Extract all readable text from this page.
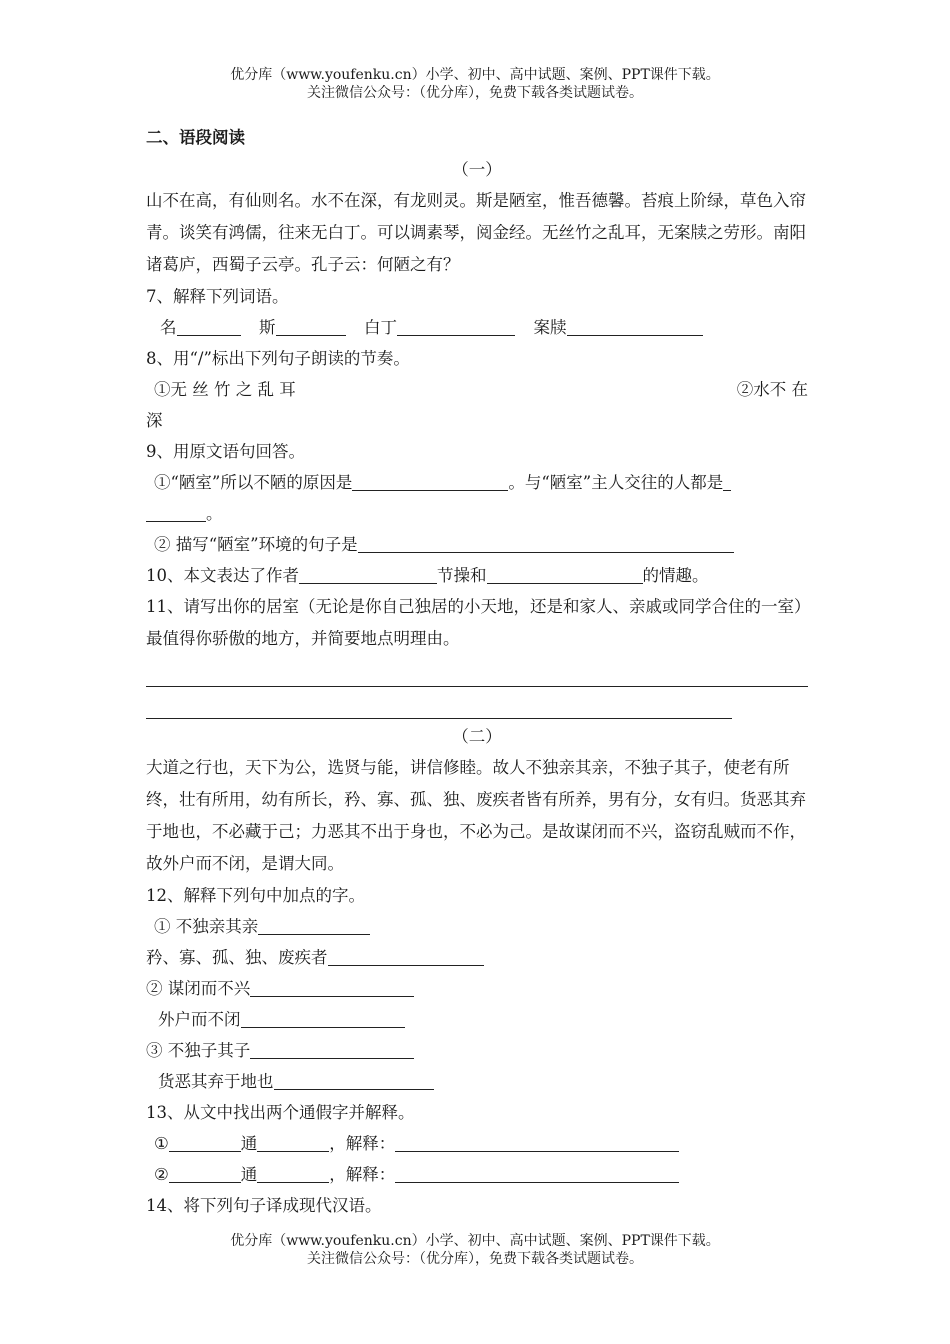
优分库（www.youfenku.cn）小学、初中、高中试题、案例、PPT课件下载。
关注微信公众号：（优分库），免费下载各类试题试卷。
二、语段阅读
（一）
山不在高，有仙则名。水不在深，有龙则灵。斯是陋室，惟吾德馨。苔痕上阶绿，草色入帘青。谈笑有鸿儒，往来无白丁。可以调素琴，阅金经。无丝竹之乱耳，无案牍之劳形。南阳诸葛庐，西蜀子云亭。孔子云：何陋之有？
7、解释下列词语。
名	斯	白丁	案牍
8、用“/”标出下列句子朗读的节奏。
①无 丝 竹 之 乱 耳	②水不 在
深
9、用原文语句回答。
①“陋室”所以不陋的原因是	。与“陋室”主人交往的人都是
。
② 描写“陋室”环境的句子是
10、本文表达了作者	节操和	的情趣。
11、请写出你的居室（无论是你自己独居的小天地，还是和家人、亲戚或同学合住的一室）最值得你骄傲的地方，并简要地点明理由。
（二）
大道之行也，天下为公，选贤与能，讲信修睦。故人不独亲其亲，不独子其子，使老有所终，壮有所用，幼有所长，矜、寡、孤、独、废疾者皆有所养，男有分，女有归。货恶其弃于地也，不必藏于己；力恶其不出于身也，不必为己。是故谋闭而不兴，盗窃乱贼而不作，故外户而不闭，是谓大同。
12、解释下列句中加点的字。
① 不独亲其亲
矜、寡、孤、独、废疾者
② 谋闭而不兴
外户而不闭
③ 不独子其子
货恶其弃于地也
13、从文中找出两个通假字并解释。
①	通	，解释：
②	通	，解释：
14、将下列句子译成现代汉语。
优分库（www.youfenku.cn）小学、初中、高中试题、案例、PPT课件下载。
关注微信公众号：（优分库），免费下载各类试题试卷。
